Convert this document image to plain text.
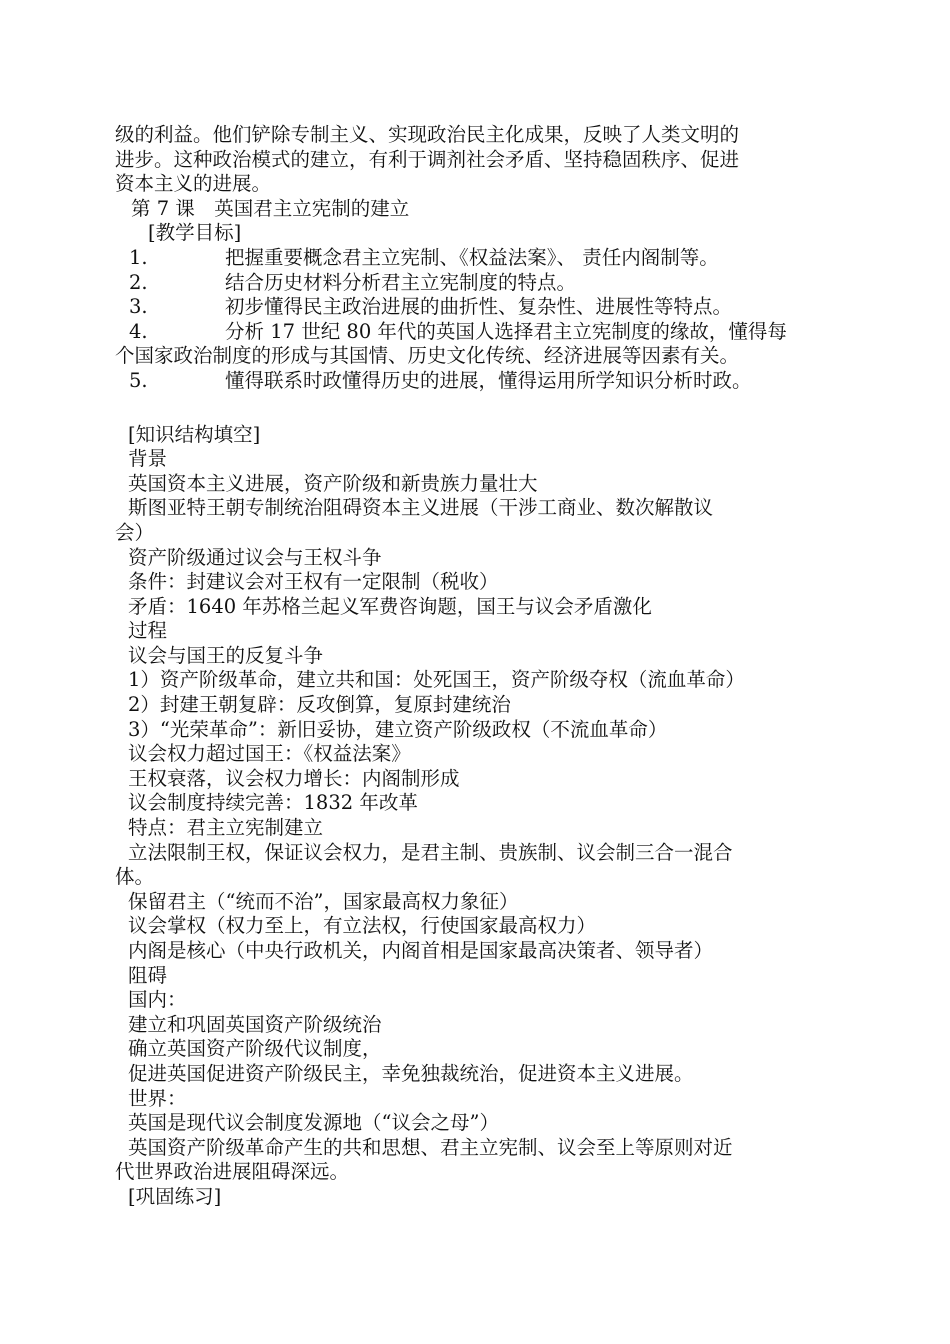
级的利益。他们铲除专制主义、实现政治民主化成果，反映了人类文明的
进步。这种政治模式的建立，有利于调剂社会矛盾、坚持稳固秩序、促进
资本主义的进展。
第 7 课　英国君主立宪制的建立
[教学目标]
1.	把握重要概念君主立宪制、《权益法案》、 责任内阁制等。
2.	结合历史材料分析君主立宪制度的特点。
3.	初步懂得民主政治进展的曲折性、复杂性、进展性等特点。
4.	分析 17 世纪 80 年代的英国人选择君主立宪制度的缘故，懂得每
个国家政治制度的形成与其国情、历史文化传统、经济进展等因素有关。
5.	懂得联系时政懂得历史的进展，懂得运用所学知识分析时政。
[知识结构填空]
背景
英国资本主义进展，资产阶级和新贵族力量壮大
斯图亚特王朝专制统治阻碍资本主义进展（干涉工商业、数次解散议
会）
资产阶级通过议会与王权斗争
条件：封建议会对王权有一定限制（税收）
矛盾：1640 年苏格兰起义军费咨询题，国王与议会矛盾激化
过程
议会与国王的反复斗争
1）资产阶级革命，建立共和国：处死国王，资产阶级夺权（流血革命）
2）封建王朝复辟：反攻倒算，复原封建统治
3）“光荣革命”：新旧妥协，建立资产阶级政权（不流血革命）
议会权力超过国王：《权益法案》
王权衰落，议会权力增长：内阁制形成
议会制度持续完善：1832 年改革
特点：君主立宪制建立
立法限制王权，保证议会权力，是君主制、贵族制、议会制三合一混合
体。
保留君主（“统而不治”，国家最高权力象征）
议会掌权（权力至上，有立法权，行使国家最高权力）
内阁是核心（中央行政机关，内阁首相是国家最高决策者、领导者）
阻碍
国内：
建立和巩固英国资产阶级统治
确立英国资产阶级代议制度，
促进英国促进资产阶级民主，幸免独裁统治，促进资本主义进展。
世界：
英国是现代议会制度发源地（“议会之母”）
英国资产阶级革命产生的共和思想、君主立宪制、议会至上等原则对近
代世界政治进展阻碍深远。
[巩固练习]
